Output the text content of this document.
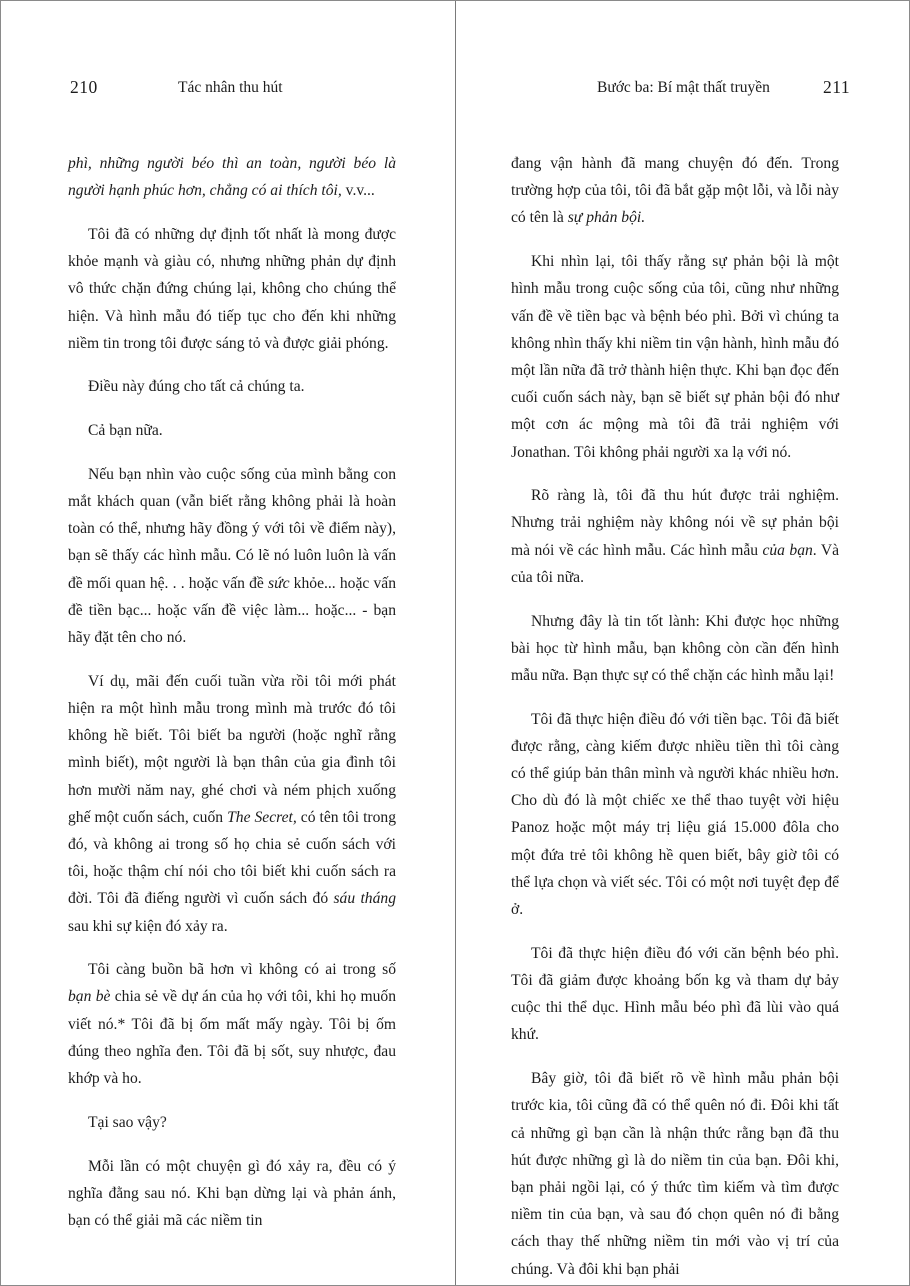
210	Tác nhân thu hút

phì, những người béo thì an toàn, người béo là người hạnh phúc hơn, chẳng có ai thích tôi, v.v...

Tôi đã có những dự định tốt nhất là mong được khỏe mạnh và giàu có, nhưng những phản dự định vô thức chặn đứng chúng lại, không cho chúng thể hiện. Và hình mẫu đó tiếp tục cho đến khi những niềm tin trong tôi được sáng tỏ và được giải phóng.

Điều này đúng cho tất cả chúng ta.

Cả bạn nữa.

Nếu bạn nhìn vào cuộc sống của mình bằng con mắt khách quan (vẫn biết rằng không phải là hoàn toàn có thể, nhưng hãy đồng ý với tôi về điểm này), bạn sẽ thấy các hình mẫu. Có lẽ nó luôn luôn là vấn đề mối quan hệ. . . hoặc vấn đề sức khỏe... hoặc vấn đề tiền bạc... hoặc vấn đề việc làm... hoặc... - bạn hãy đặt tên cho nó.

Ví dụ, mãi đến cuối tuần vừa rồi tôi mới phát hiện ra một hình mẫu trong mình mà trước đó tôi không hề biết. Tôi biết ba người (hoặc nghĩ rằng mình biết), một người là bạn thân của gia đình tôi hơn mười năm nay, ghé chơi và ném phịch xuống ghế một cuốn sách, cuốn The Secret, có tên tôi trong đó, và không ai trong số họ chia sẻ cuốn sách với tôi, hoặc thậm chí nói cho tôi biết khi cuốn sách ra đời. Tôi đã điếng người vì cuốn sách đó sáu tháng sau khi sự kiện đó xảy ra.

Tôi càng buồn bã hơn vì không có ai trong số bạn bè chia sẻ về dự án của họ với tôi, khi họ muốn viết nó.* Tôi đã bị ốm mất mấy ngày. Tôi bị ốm đúng theo nghĩa đen. Tôi đã bị sốt, suy nhược, đau khớp và ho.

Tại sao vậy?

Mỗi lần có một chuyện gì đó xảy ra, đều có ý nghĩa đằng sau nó. Khi bạn dừng lại và phản ánh, bạn có thể giải mã các niềm tin

Bước ba: Bí mật thất truyền	211

đang vận hành đã mang chuyện đó đến. Trong trường hợp của tôi, tôi đã bắt gặp một lỗi, và lỗi này có tên là sự phản bội.

Khi nhìn lại, tôi thấy rằng sự phản bội là một hình mẫu trong cuộc sống của tôi, cũng như những vấn đề về tiền bạc và bệnh béo phì. Bởi vì chúng ta không nhìn thấy khi niềm tin vận hành, hình mẫu đó một lần nữa đã trở thành hiện thực. Khi bạn đọc đến cuối cuốn sách này, bạn sẽ biết sự phản bội đó như một cơn ác mộng mà tôi đã trải nghiệm với Jonathan. Tôi không phải người xa lạ với nó.

Rõ ràng là, tôi đã thu hút được trải nghiệm. Nhưng trải nghiệm này không nói về sự phản bội mà nói về các hình mẫu. Các hình mẫu của bạn. Và của tôi nữa.

Nhưng đây là tin tốt lành: Khi được học những bài học từ hình mẫu, bạn không còn cần đến hình mẫu nữa. Bạn thực sự có thể chặn các hình mẫu lại!

Tôi đã thực hiện điều đó với tiền bạc. Tôi đã biết được rằng, càng kiếm được nhiều tiền thì tôi càng có thể giúp bản thân mình và người khác nhiều hơn. Cho dù đó là một chiếc xe thể thao tuyệt vời hiệu Panoz hoặc một máy trị liệu giá 15.000 đôla cho một đứa trẻ tôi không hề quen biết, bây giờ tôi có thể lựa chọn và viết séc. Tôi có một nơi tuyệt đẹp để ở.

Tôi đã thực hiện điều đó với căn bệnh béo phì. Tôi đã giảm được khoảng bốn kg và tham dự bảy cuộc thi thể dục. Hình mẫu béo phì đã lùi vào quá khứ.

Bây giờ, tôi đã biết rõ về hình mẫu phản bội trước kia, tôi cũng đã có thể quên nó đi. Đôi khi tất cả những gì bạn cần là nhận thức rằng bạn đã thu hút được những gì là do niềm tin của bạn. Đôi khi, bạn phải ngồi lại, có ý thức tìm kiếm và tìm được niềm tin của bạn, và sau đó chọn quên nó đi bằng cách thay thế những niềm tin mới vào vị trí của chúng. Và đôi khi bạn phải
